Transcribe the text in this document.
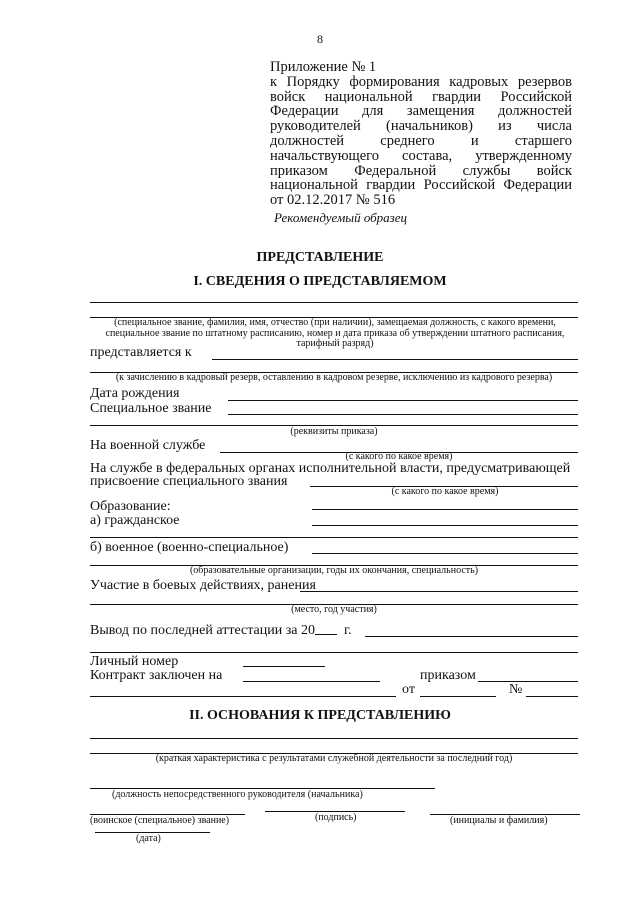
8
Приложение № 1
к Порядку формирования кадровых резервов
войск национальной гвардии Российской
Федерации для замещения должностей
руководителей (начальников) из числа
должностей среднего и старшего
начальствующего состава, утвержденному
приказом Федеральной службы войск
национальной гвардии Российской Федерации
от 02.12.2017 № 516
Рекомендуемый образец
ПРЕДСТАВЛЕНИЕ
I. СВЕДЕНИЯ О ПРЕДСТАВЛЯЕМОМ
(специальное звание, фамилия, имя, отчество (при наличии), замещаемая должность, с какого времени, специальное звание по штатному расписанию, номер и дата приказа об утверждении штатного расписания, тарифный разряд)
представляется к
(к зачислению в кадровый резерв, оставлению в кадровом резерве, исключению из кадрового резерва)
Дата рождения
Специальное звание
(реквизиты приказа)
На военной службе
(с какого по какое время)
На службе в федеральных органах исполнительной власти, предусматривающей
присвоение специального звания
(с какого по какое время)
Образование:
а) гражданское
б) военное (военно-специальное)
(образовательные организации, годы их окончания, специальность)
Участие в боевых действиях, ранения
(место, год участия)
Вывод по последней аттестации за 20 г.
Личный номер
Контракт заключен на	приказом
от	№
II. ОСНОВАНИЯ К ПРЕДСТАВЛЕНИЮ
(краткая характеристика с результатами служебной деятельности за последний год)
(должность непосредственного руководителя (начальника)
(воинское (специальное) звание)	(подпись)	(инициалы и фамилия)
(дата)
